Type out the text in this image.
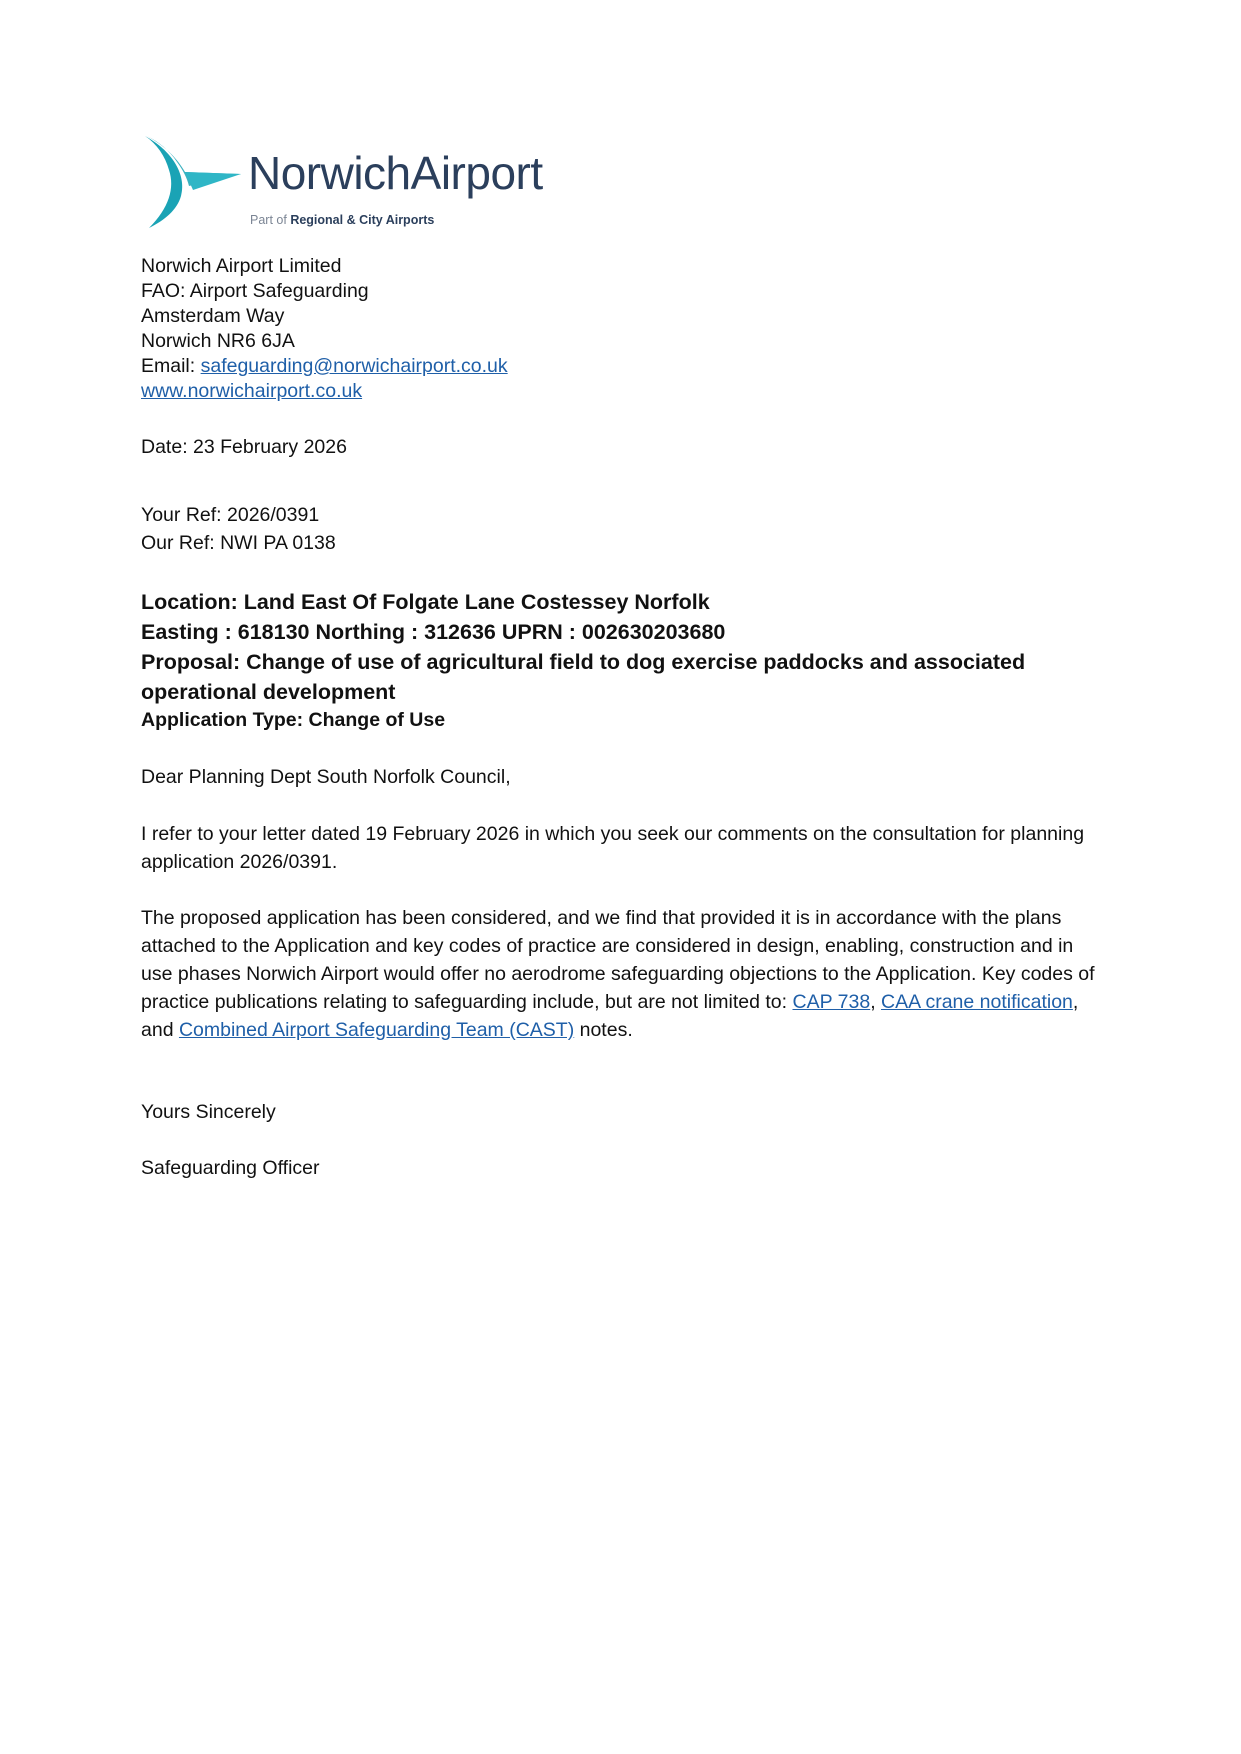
NorwichAirport
Part of Regional & City Airports
Norwich Airport Limited
FAO: Airport Safeguarding
Amsterdam Way
Norwich NR6 6JA
Email: safeguarding@norwichairport.co.uk
www.norwichairport.co.uk
Date: 23 February 2026
Your Ref: 2026/0391
Our Ref: NWI PA 0138
Location: Land East Of Folgate Lane Costessey Norfolk
Easting : 618130 Northing : 312636 UPRN : 002630203680
Proposal: Change of use of agricultural field to dog exercise paddocks and associated operational development
Application Type: Change of Use
Dear Planning Dept South Norfolk Council,

I refer to your letter dated 19 February 2026 in which you seek our comments on the consultation for planning application 2026/0391.

The proposed application has been considered, and we find that provided it is in accordance with the plans attached to the Application and key codes of practice are considered in design, enabling, construction and in use phases Norwich Airport would offer no aerodrome safeguarding objections to the Application. Key codes of practice publications relating to safeguarding include, but are not limited to: CAP 738, CAA crane notification, and Combined Airport Safeguarding Team (CAST) notes.

Yours Sincerely
Safeguarding Officer
